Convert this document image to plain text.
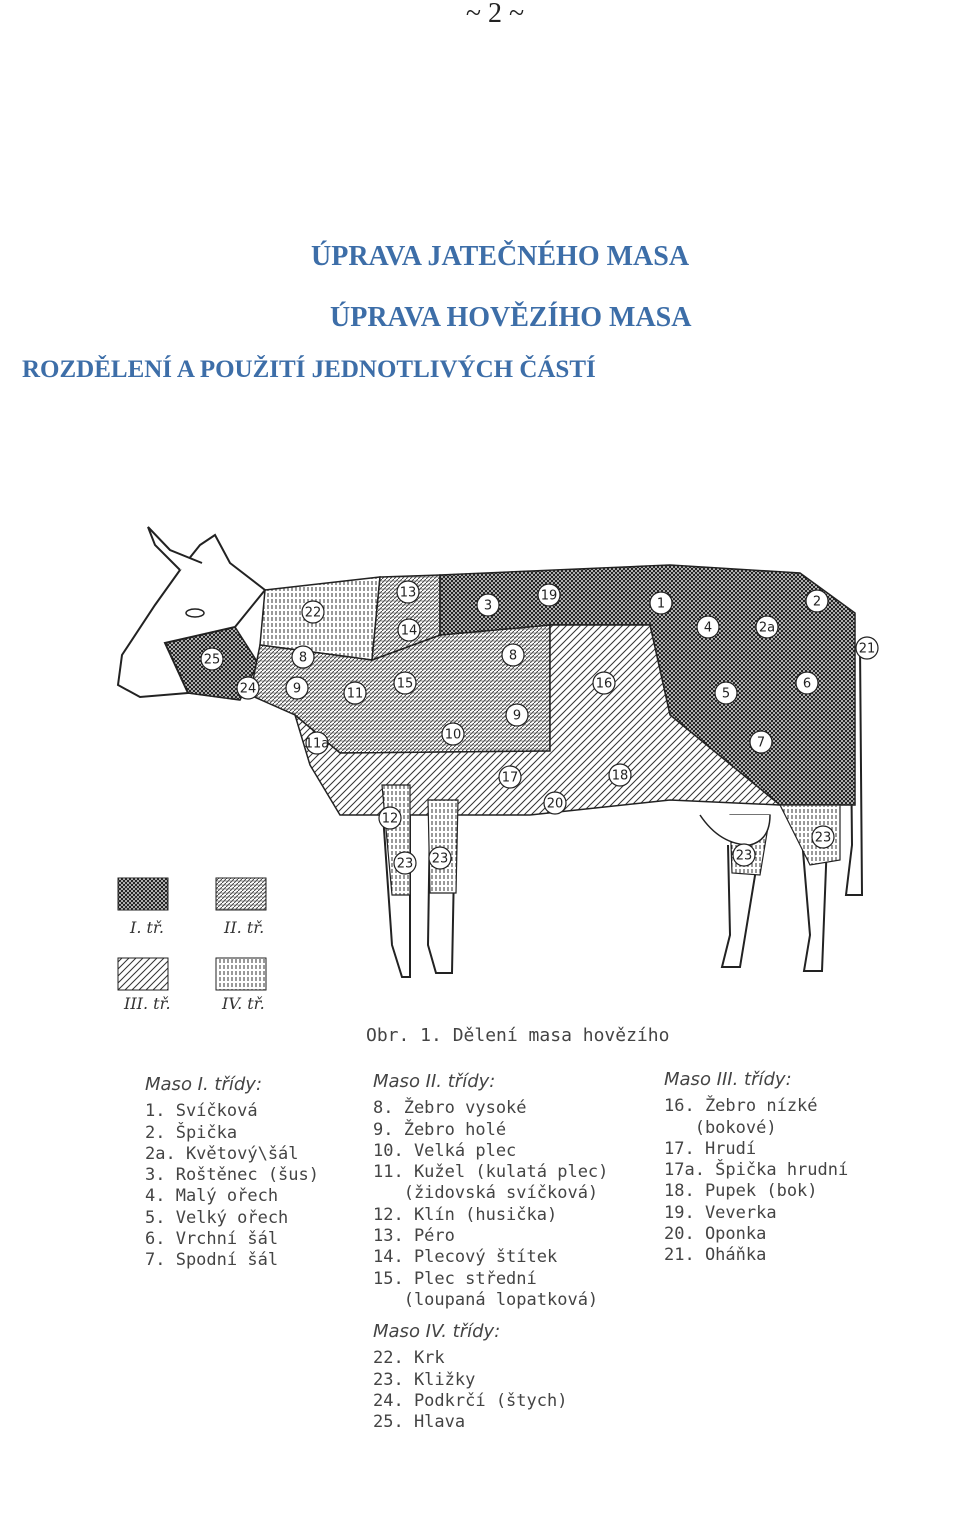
~ 2 ~
ÚPRAVA JATEČNÉHO MASA
ÚPRAVA HOVĚZÍHO MASA
ROZDĚLENÍ A POUŽITÍ JEDNOTLIVÝCH ČÁSTÍ
1	2
2a
3
4
5
6
7
8	8
9
9
10
11
11a
12
13
14
15	16
17	18
19
20
21
22
23 23	23
23
24
25
I. tř.	II. tř.
III. tř.	IV. tř.
Obr. 1. Dělení masa hovězího
Maso I. třídy:
1. Svíčková
2. Špička
2a. Květový\šál
3. Roštěnec (šus)
4. Malý ořech
5. Velký ořech
6. Vrchní šál
7. Spodní šál
Maso II. třídy:
8. Žebro vysoké
9. Žebro holé
10. Velká plec
11. Kužel (kulatá plec)
(židovská svíčková)
12. Klín (husička)
13. Péro
14. Plecový štítek
15. Plec střední
(loupaná lopatková)
Maso III. třídy:
16. Žebro nízké
(bokové)
17. Hrudí
17a. Špička hrudní
18. Pupek (bok)
19. Veverka
20. Oponka
21. Oháňka
Maso IV. třídy:
22. Krk
23. Kližky
24. Podkrčí (štych)
25. Hlava
